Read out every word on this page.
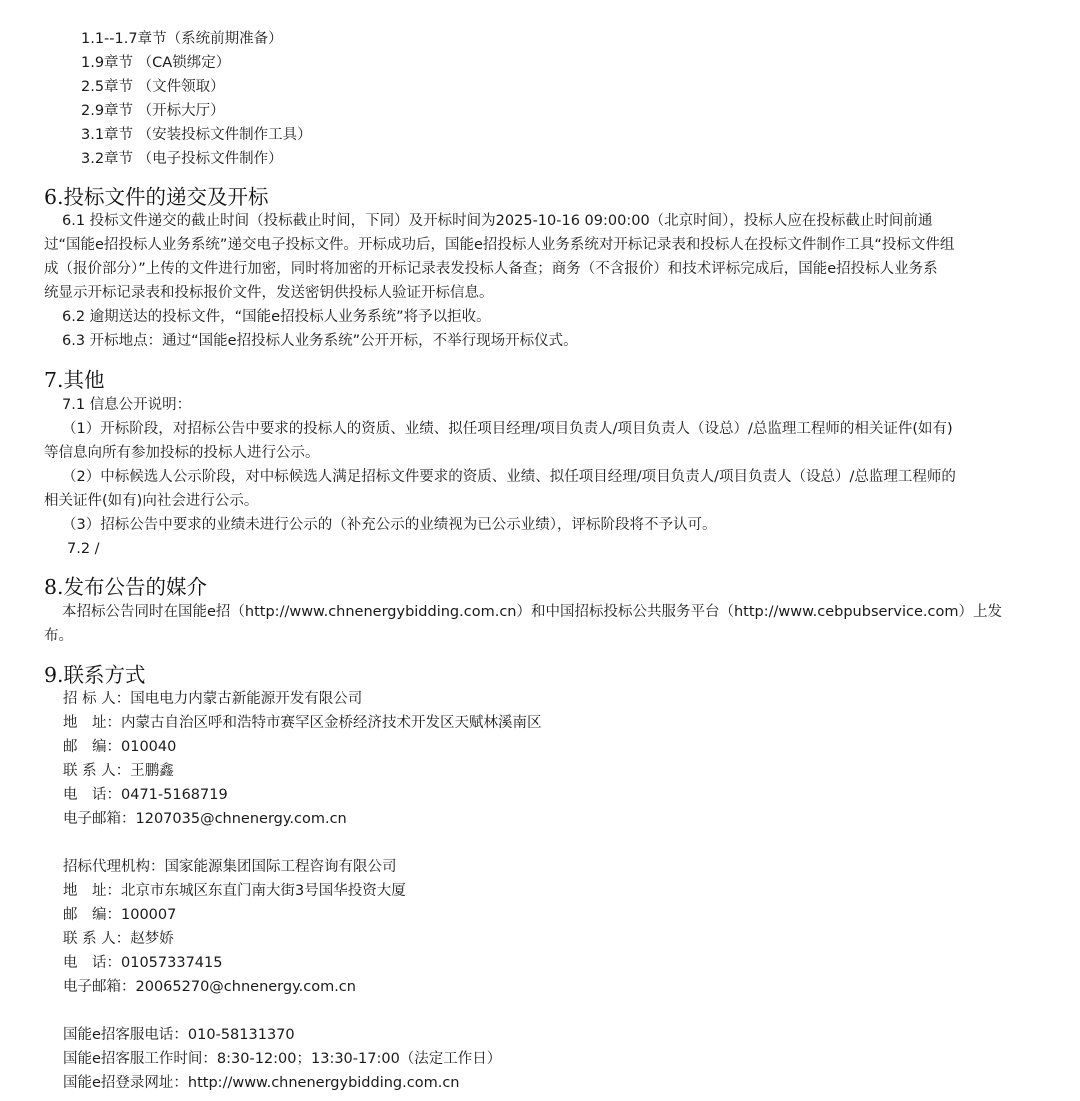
1.1--1.7章节（系统前期准备）
1.9章节 （CA锁绑定）
2.5章节 （文件领取）
2.9章节 （开标大厅）
3.1章节 （安装投标文件制作工具）
3.2章节 （电子投标文件制作）
6.投标文件的递交及开标
6.1 投标文件递交的截止时间（投标截止时间，下同）及开标时间为2025-10-16 09:00:00（北京时间），投标人应在投标截止时间前通
过“国能e招投标人业务系统”递交电子投标文件。开标成功后，国能e招投标人业务系统对开标记录表和投标人在投标文件制作工具“投标文件组
成（报价部分）”上传的文件进行加密，同时将加密的开标记录表发投标人备查；商务（不含报价）和技术评标完成后，国能e招投标人业务系
统显示开标记录表和投标报价文件，发送密钥供投标人验证开标信息。
6.2 逾期送达的投标文件，“国能e招投标人业务系统”将予以拒收。
6.3 开标地点：通过“国能e招投标人业务系统”公开开标，不举行现场开标仪式。
7.其他
7.1 信息公开说明：
（1）开标阶段，对招标公告中要求的投标人的资质、业绩、拟任项目经理/项目负责人/项目负责人（设总）/总监理工程师的相关证件(如有)
等信息向所有参加投标的投标人进行公示。
（2）中标候选人公示阶段，对中标候选人满足招标文件要求的资质、业绩、拟任项目经理/项目负责人/项目负责人（设总）/总监理工程师的
相关证件(如有)向社会进行公示。
（3）招标公告中要求的业绩未进行公示的（补充公示的业绩视为已公示业绩），评标阶段将不予认可。
7.2 /
8.发布公告的媒介
本招标公告同时在国能e招（http://www.chnenergybidding.com.cn）和中国招标投标公共服务平台（http://www.cebpubservice.com）上发
布。
9.联系方式
招 标 人：国电电力内蒙古新能源开发有限公司
地　址：内蒙古自治区呼和浩特市赛罕区金桥经济技术开发区天赋林溪南区
邮　编：010040
联 系 人：王鹏鑫
电　话：0471-5168719
电子邮箱：1207035@chnenergy.com.cn
招标代理机构：国家能源集团国际工程咨询有限公司
地　址：北京市东城区东直门南大街3号国华投资大厦
邮　编：100007
联 系 人：赵梦娇
电　话：01057337415
电子邮箱：20065270@chnenergy.com.cn
国能e招客服电话：010-58131370
国能e招客服工作时间：8:30-12:00；13:30-17:00（法定工作日）
国能e招登录网址：http://www.chnenergybidding.com.cn
